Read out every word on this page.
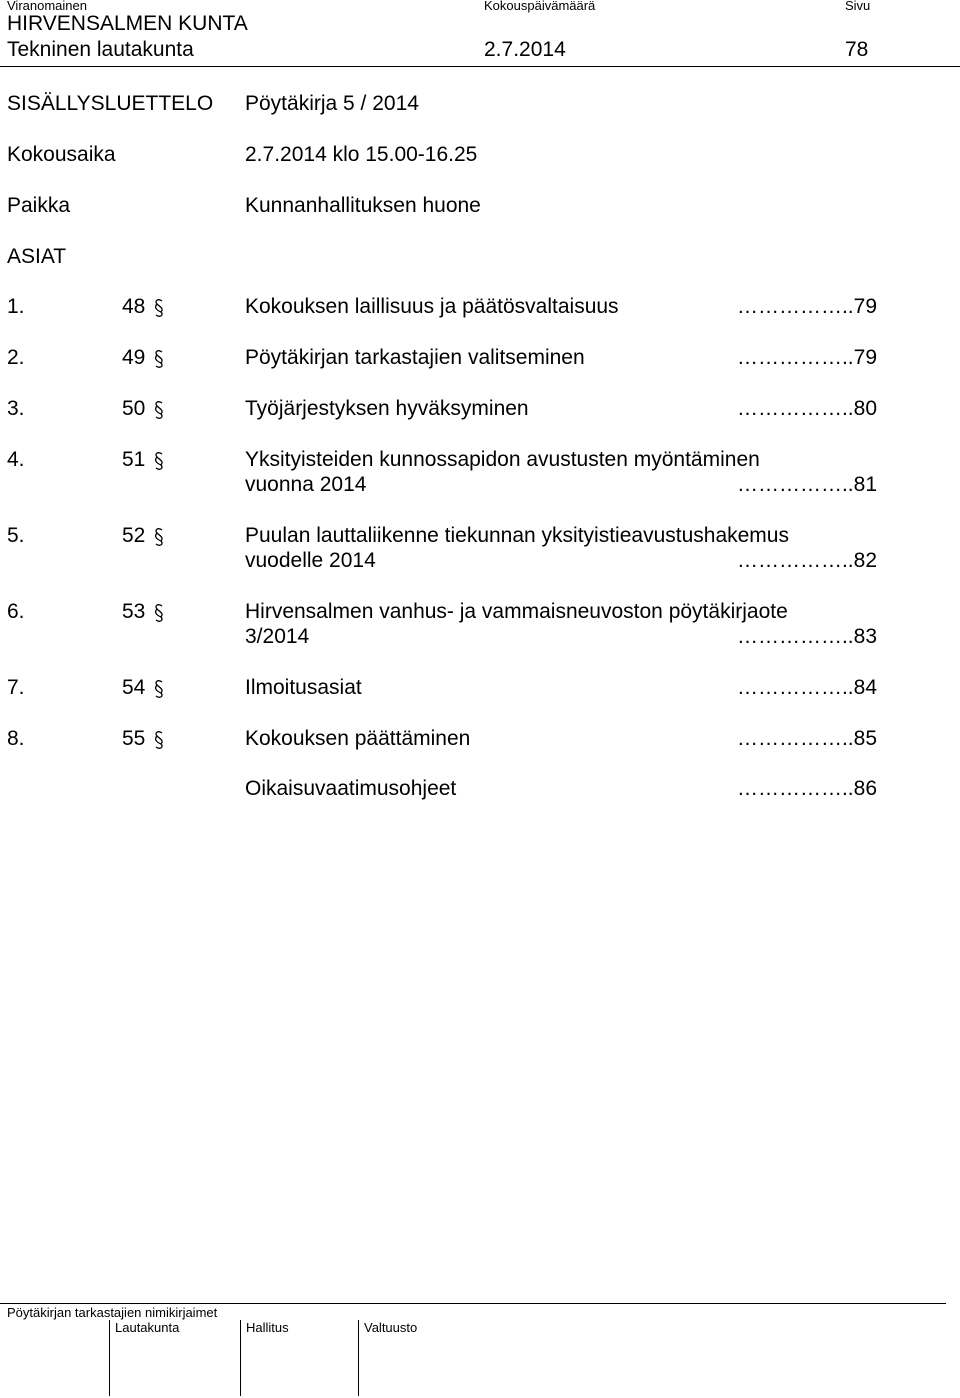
Viranomainen	Kokouspäivämäärä	Sivu
HIRVENSALMEN KUNTA
Tekninen lautakunta	2.7.2014	78
SISÄLLYSLUETTELO Pöytäkirja 5 / 2014
Kokousaika	2.7.2014 klo 15.00-16.25
Paikka	Kunnanhallituksen huone
ASIAT
1.	48	Kokouksen laillisuus ja päätösvaltaisuus	……………..79
2.	49	Pöytäkirjan tarkastajien valitseminen	……………..79
3.	50	Työjärjestyksen hyväksyminen	……………..80
4.	51	Yksityisteiden kunnossapidon avustusten myöntäminen
vuonna 2014	……………..81
5.	52	Puulan lauttaliikenne tiekunnan yksityistieavustushakemus
vuodelle 2014	……………..82
6.	53	Hirvensalmen vanhus- ja vammaisneuvoston pöytäkirjaote
3/2014	……………..83
7.	54	Ilmoitusasiat	……………..84
8.	55	Kokouksen päättäminen	……………..85
Oikaisuvaatimusohjeet	……………..86
Pöytäkirjan tarkastajien nimikirjaimet
Lautakunta	Hallitus	Valtuusto
